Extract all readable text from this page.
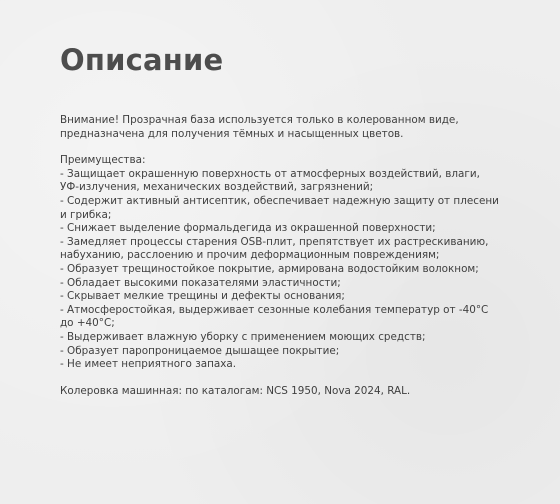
Описание

Внимание! Прозрачная база используется только в колерованном виде, предназначена для получения тёмных и насыщенных цветов.

Преимущества:

- Защищает окрашенную поверхность от атмосферных воздействий, влаги, УФ-излучения, механических воздействий, загрязнений;
- Содержит активный антисептик, обеспечивает надежную защиту от плесени и грибка;
- Снижает выделение формальдегида из окрашенной поверхности;
- Замедляет процессы старения OSB-плит, препятствует их растрескиванию, набуханию, расслоению и прочим деформационным повреждениям;
- Образует трещиностойкое покрытие, армирована водостойким волокном;
- Обладает высокими показателями эластичности;
- Скрывает мелкие трещины и дефекты основания;
- Атмосферостойкая, выдерживает сезонные колебания температур от -40°С до +40°С;
- Выдерживает влажную уборку с применением моющих средств;
- Образует паропроницаемое дышащее покрытие;
- Не имеет неприятного запаха.

Колеровка машинная: по каталогам: NCS 1950, Nova 2024, RAL.
